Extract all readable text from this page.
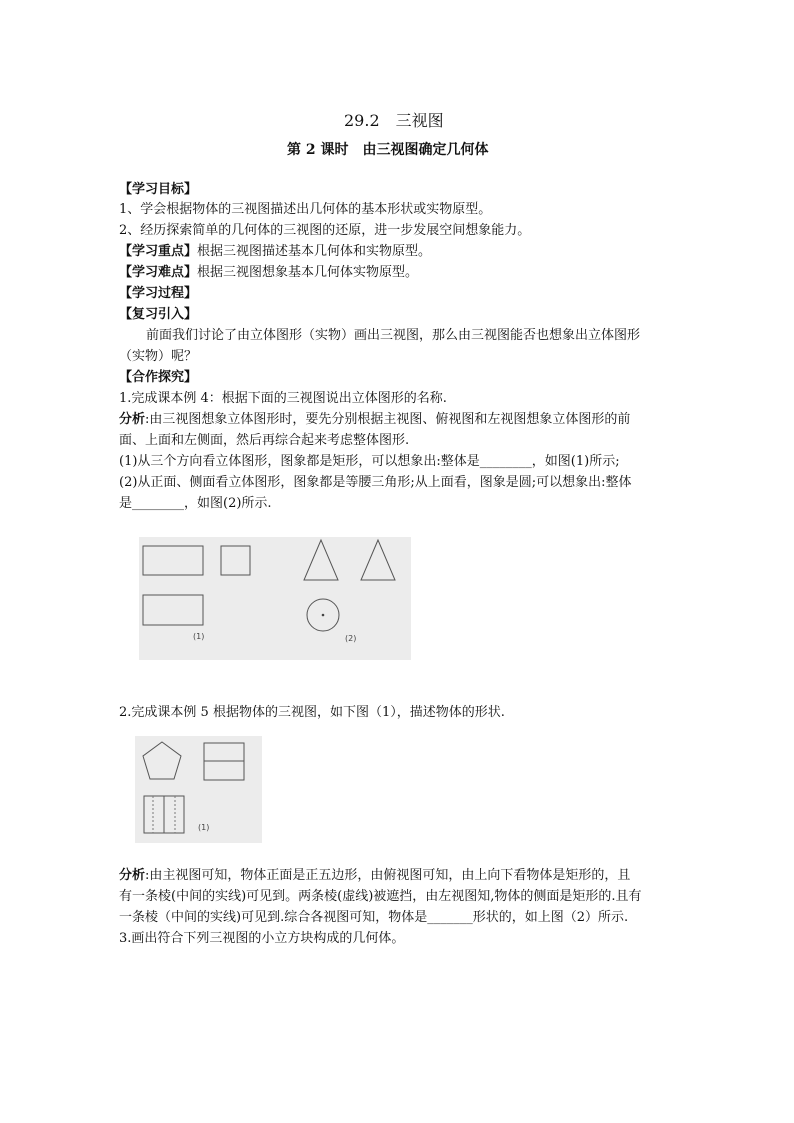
29.2　三视图
第 2 课时　由三视图确定几何体
【学习目标】
1、学会根据物体的三视图描述出几何体的基本形状或实物原型。
2、经历探索简单的几何体的三视图的还原，进一步发展空间想象能力。
【学习重点】根据三视图描述基本几何体和实物原型。
【学习难点】根据三视图想象基本几何体实物原型。
【学习过程】
【复习引入】
前面我们讨论了由立体图形（实物）画出三视图，那么由三视图能否也想象出立体图形
（实物）呢？
【合作探究】
1.完成课本例 4：根据下面的三视图说出立体图形的名称.
分析:由三视图想象立体图形时，要先分别根据主视图、俯视图和左视图想象立体图形的前
面、上面和左侧面，然后再综合起来考虑整体图形.
(1)从三个方向看立体图形，图象都是矩形，可以想象出:整体是________，如图(1)所示;
(2)从正面、侧面看立体图形，图象都是等腰三角形;从上面看，图象是圆;可以想象出:整体
是________，如图(2)所示.
(1)	(2)
2.完成课本例 5 根据物体的三视图，如下图（1），描述物体的形状.
(1)
分析:由主视图可知，物体正面是正五边形，由俯视图可知，由上向下看物体是矩形的，且
有一条棱(中间的实线)可见到。两条棱(虚线)被遮挡，由左视图知,物体的侧面是矩形的.且有
一条棱（中间的实线)可见到.综合各视图可知，物体是_______形状的，如上图（2）所示.
3.画出符合下列三视图的小立方块构成的几何体。
